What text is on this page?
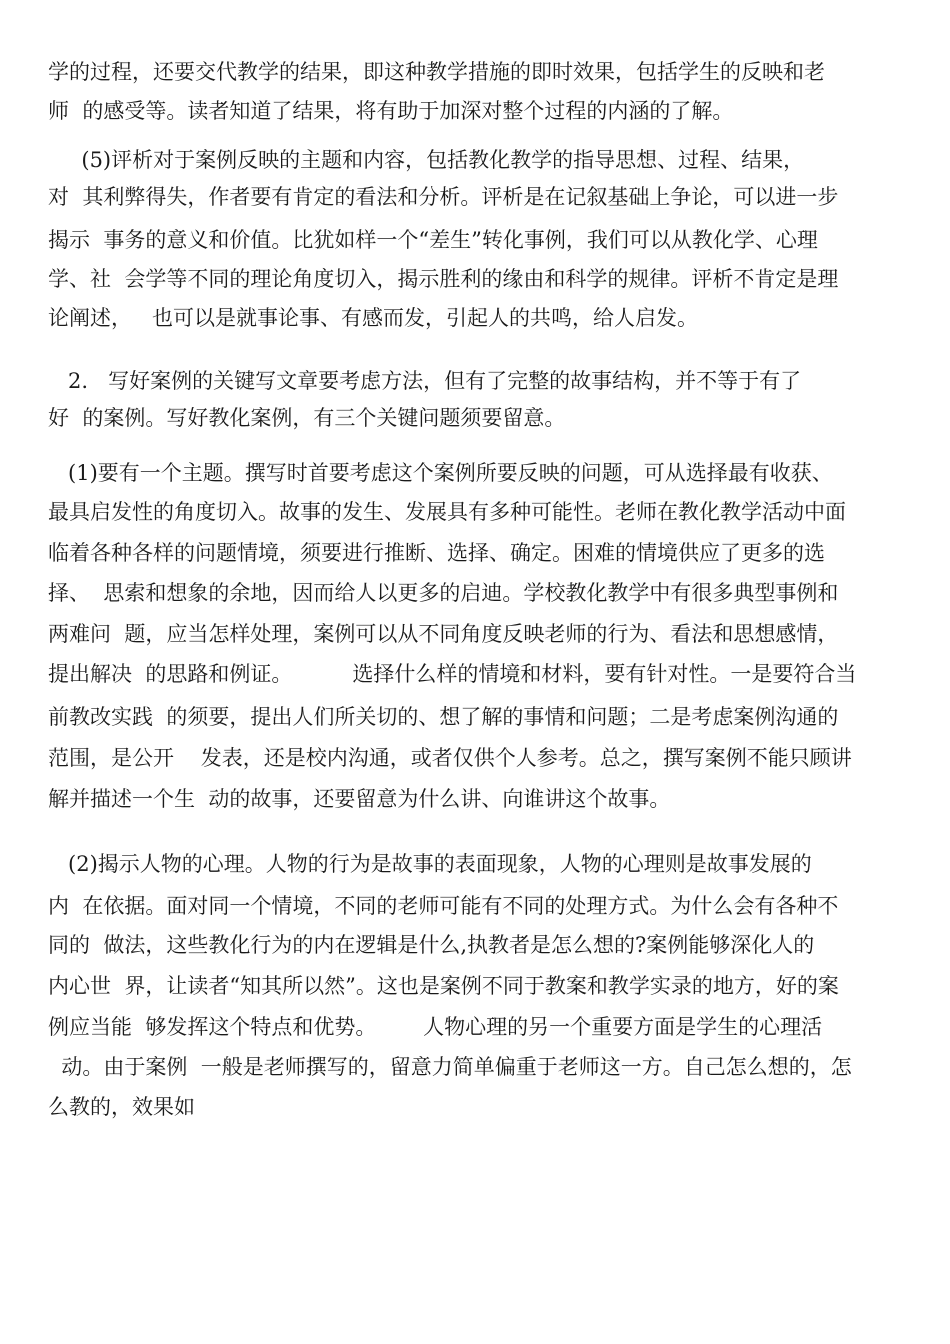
学的过程，还要交代教学的结果，即这种教学措施的即时效果，包括学生的反映和老
师  的感受等。读者知道了结果，将有助于加深对整个过程的内涵的了解。
(5)评析对于案例反映的主题和内容，包括教化教学的指导思想、过程、结果，
对  其利弊得失，作者要有肯定的看法和分析。评析是在记叙基础上争论，可以进一步
揭示  事务的意义和价值。比犹如样一个“差生”转化事例，我们可以从教化学、心理
学、社  会学等不同的理论角度切入，揭示胜利的缘由和科学的规律。评析不肯定是理
论阐述，   也可以是就事论事、有感而发，引起人的共鸣，给人启发。
2.   写好案例的关键写文章要考虑方法，但有了完整的故事结构，并不等于有了
好  的案例。写好教化案例，有三个关键问题须要留意。
(1)要有一个主题。撰写时首要考虑这个案例所要反映的问题，可从选择最有收获、
最具启发性的角度切入。故事的发生、发展具有多种可能性。老师在教化教学活动中面
临着各种各样的问题情境，须要进行推断、选择、确定。困难的情境供应了更多的选
择、  思索和想象的余地，因而给人以更多的启迪。学校教化教学中有很多典型事例和
两难问  题，应当怎样处理，案例可以从不同角度反映老师的行为、看法和思想感情，
提出解决  的思路和例证。         选择什么样的情境和材料，要有针对性。一是要符合当
前教改实践  的须要，提出人们所关切的、想了解的事情和问题；二是考虑案例沟通的
范围，是公开    发表，还是校内沟通，或者仅供个人参考。总之，撰写案例不能只顾讲
解并描述一个生  动的故事，还要留意为什么讲、向谁讲这个故事。
(2)揭示人物的心理。人物的行为是故事的表面现象，人物的心理则是故事发展的
内  在依据。面对同一个情境，不同的老师可能有不同的处理方式。为什么会有各种不
同的  做法，这些教化行为的内在逻辑是什么,执教者是怎么想的?案例能够深化人的
内心世  界，让读者“知其所以然”。这也是案例不同于教案和教学实录的地方，好的案
例应当能  够发挥这个特点和优势。       人物心理的另一个重要方面是学生的心理活
动。由于案例  一般是老师撰写的，留意力简单偏重于老师这一方。自己怎么想的，怎
么教的，效果如
